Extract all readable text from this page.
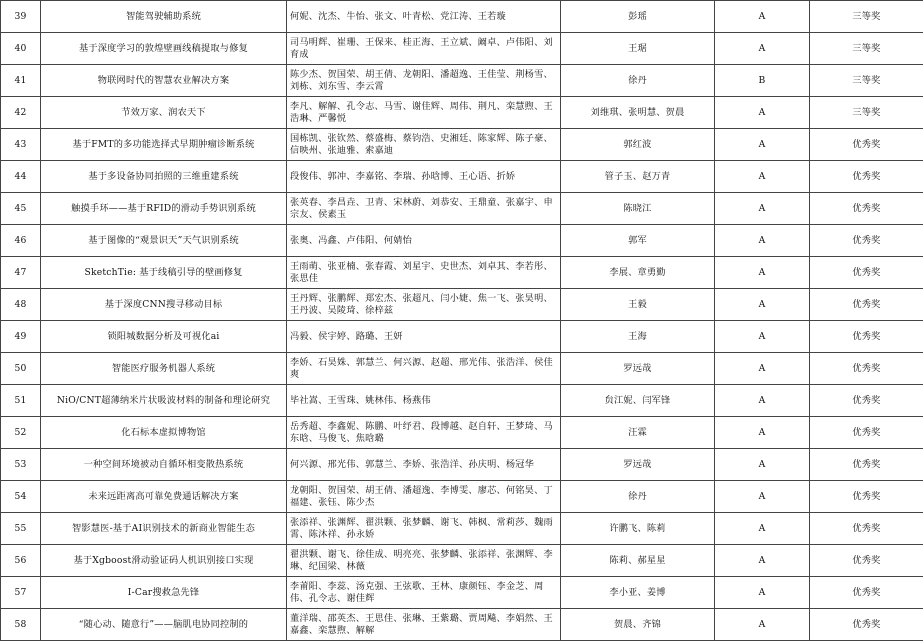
39	智能驾驶辅助系统	何妮、沈杰、牛怡、张文、叶青松、党江涛、王若璇	彭瑶	A	三等奖
40	基于深度学习的敦煌壁画线稿提取与修复	司马明辉、崔珊、王保来、桂正海、王立斌、阚卓、卢伟阳、刘育成	王琚	A	三等奖
41	物联网时代的智慧农业解决方案	陈少杰、贺国荣、胡王倩、龙朝阳、潘超逸、王佳莹、荆杨雪、刘栋、刘东雪、李云霄	徐丹	B	三等奖
42	节效万家、润农天下	李凡、解解、孔令志、马雪、谢佳辉、周伟、荆凡、栾慧煦、王浩琳、严馨悦	刘维琪、张明慧、贺晨	A	三等奖
43	基于FMT的多功能选择式早期肿瘤诊断系统	国栋凯、张钦然、蔡盛梅、蔡钧浩、史湘廷、陈家辉、陈子豪、信映州、张迪雅、索嘉迪	郭红波	A	优秀奖
44	基于多设备协同拍照的三维重建系统	段俊伟、郭冲、李嘉铭、李瑞、孙晗博、王心语、折娇	管子玉、赵万青	A	优秀奖
45	触摸手环——基于RFID的滑动手势识别系统	张英春、李昌垚、卫青、宋林蔚、刘恭安、王鼎童、张嘉宇、申宗友、侯素玉	陈晓江	A	优秀奖
46	基于图像的“观景识天”天气识别系统	张奥、冯鑫、卢伟阳、何婧怡	郭军	A	优秀奖
47	SketchTie: 基于线稿引导的壁画修复	王雨萌、张亚楠、张春霞、刘星宇、史世杰、刘卓其、李若彤、张思佳	李展、章勇勤	A	优秀奖
48	基于深度CNN搜寻移动目标	王丹辉、张鹏辉、郑宏杰、张超凡、闫小婕、焦一飞、张昊明、王丹波、吴陵琦、徐梓兹	王毅	A	优秀奖
49	锁阳城数据分析及可视化ai	冯毅、侯宇婷、路璐、王妍	王海	A	优秀奖
50	智能医疗服务机器人系统	李娇、石昊姝、郭慧兰、何兴源、赵超、邢光伟、张浩洋、侯佳爽	罗远哉	A	优秀奖
51	NiO/CNT超薄纳米片状吸波材料的制备和理论研究	毕社嵩、王雪珠、姚林伟、杨燕伟	贠江妮、闫军锋	A	优秀奖
52	化石标本虚拟博物馆	岳秀超、李鑫妮、陈鹏、叶纾君、段博越、赵自轩、王梦琦、马东晗、马俊飞、焦晗璐	汪霖	A	优秀奖
53	一种空间环境被动自循环相变散热系统	何兴源、邢光伟、郭慧兰、李娇、张浩洋、孙庆明、杨冠华	罗远哉	A	优秀奖
54	未来远距离高可靠免费通话解决方案	龙朝阳、贺国荣、胡王倩、潘超逸、李博雯、廖芯、何铭昊、丁福建、张钰、陈少杰	徐丹	A	优秀奖
55	智影慧医-基于AI识别技术的新商业智能生态	张添祥、张渊辉、翟洪颗、张梦麟、谢飞、韩枫、常莉莎、魏雨霄、陈沐祥、孙永娇	许鹏飞、陈莉	A	优秀奖
56	基于Xgboost滑动验证码人机识别接口实现	翟洪颗、谢飞、徐佳成、明亮亮、张梦麟、张添祥、张渊辉、李琳、纪国梁、林薇	陈莉、郝星星	A	优秀奖
57	I-Car搜救急先锋	李莆阳、李蕊、汤克强、王弦歌、王林、康颜钰、李金芝、周伟、孔令志、谢佳辉	李小亚、姜博	A	优秀奖
58	“随心动、随意行”——脑肌电协同控制的	董洋瑞、邵英杰、王思佳、张琳、王紫璐、贾周飚、李娟然、王嘉鑫、栾慧煦、解解	贺晨、齐锦	A	优秀奖
